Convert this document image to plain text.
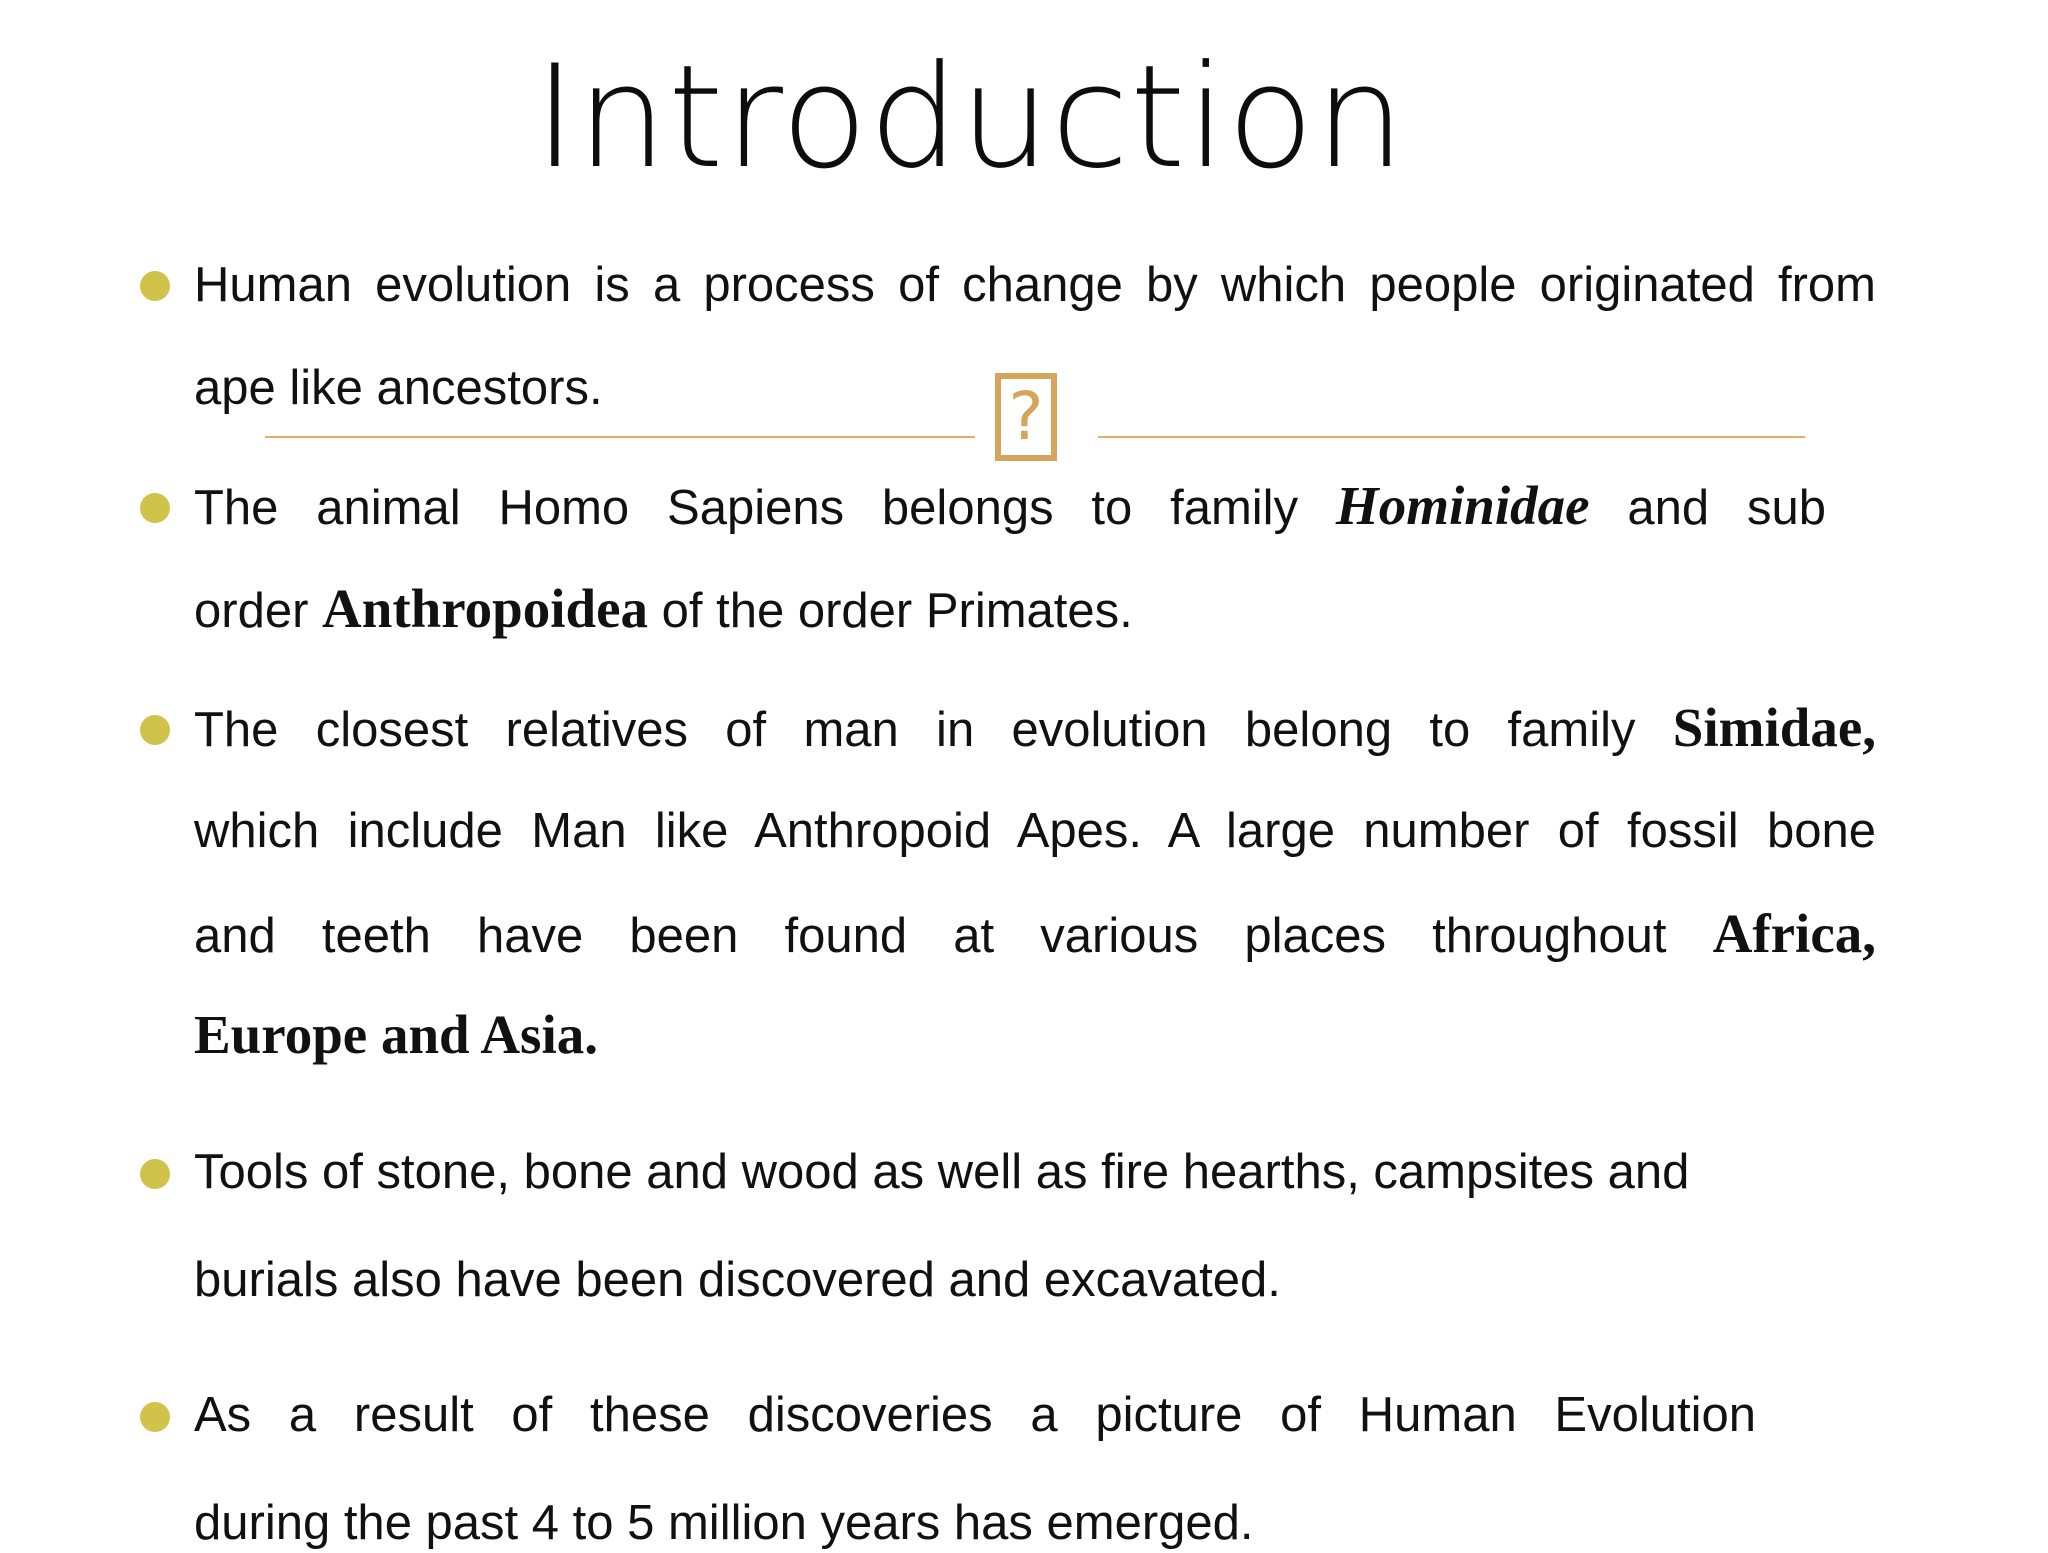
Introduction
Human evolution is a process of change by which people originated from
ape like ancestors.	?
The animal Homo Sapiens belongs to family Hominidae and sub
order Anthropoidea of the order Primates.
The closest relatives of man in evolution belong to family Simidae,
which include Man like Anthropoid Apes. A large number of fossil bone
and teeth have been found at various places throughout Africa,
Europe and Asia.
Tools of stone, bone and wood as well as fire hearths, campsites and
burials also have been discovered and excavated.
As a result of these discoveries a picture of Human Evolution
during the past 4 to 5 million years has emerged.
